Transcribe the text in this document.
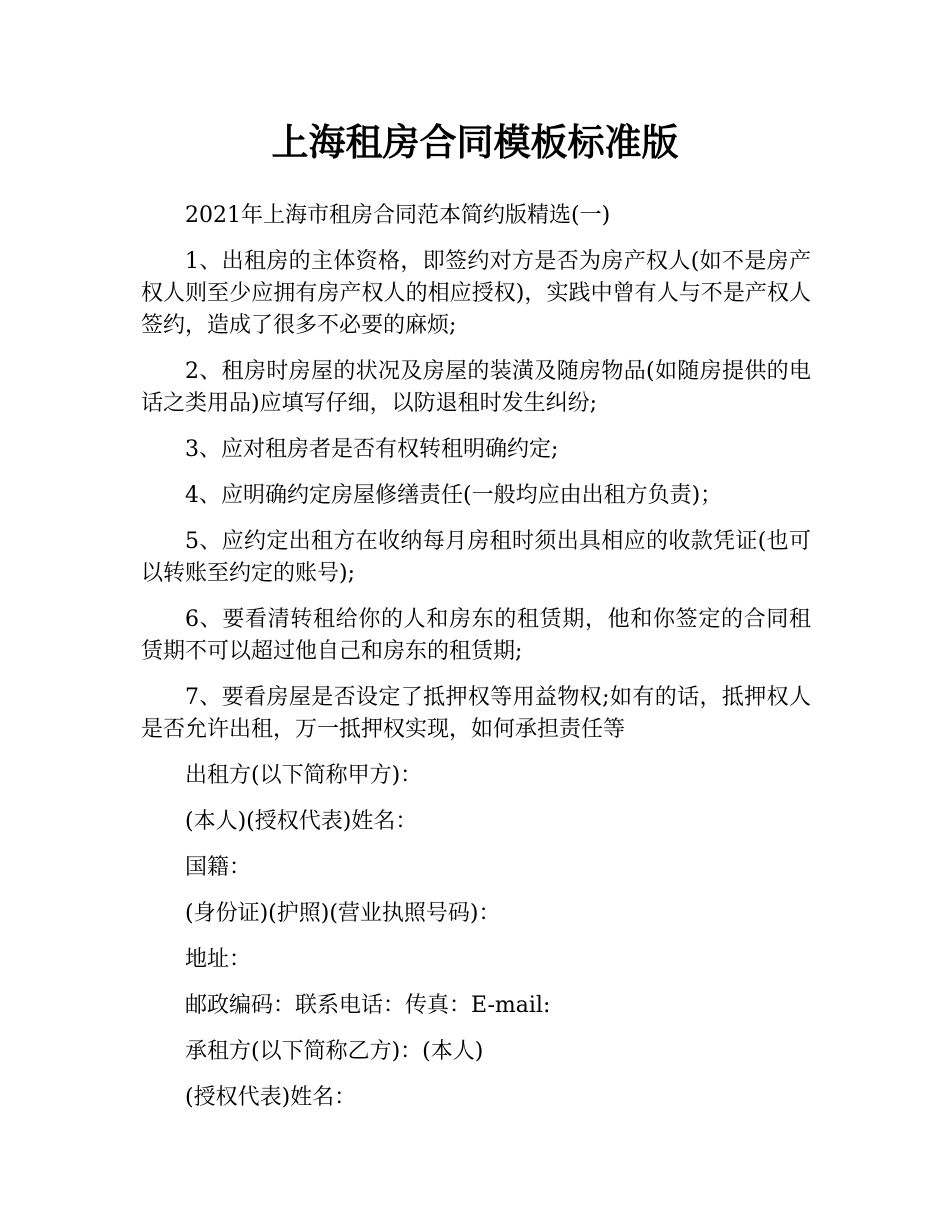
上海租房合同模板标准版

2021年上海市租房合同范本简约版精选(一)

1、出租房的主体资格，即签约对方是否为房产权人(如不是房产权人则至少应拥有房产权人的相应授权)，实践中曾有人与不是产权人签约，造成了很多不必要的麻烦;

2、租房时房屋的状况及房屋的装潢及随房物品(如随房提供的电话之类用品)应填写仔细，以防退租时发生纠纷;

3、应对租房者是否有权转租明确约定;

4、应明确约定房屋修缮责任(一般均应由出租方负责)；

5、应约定出租方在收纳每月房租时须出具相应的收款凭证(也可以转账至约定的账号);

6、要看清转租给你的人和房东的租赁期，他和你签定的合同租赁期不可以超过他自己和房东的租赁期;

7、要看房屋是否设定了抵押权等用益物权;如有的话，抵押权人是否允许出租，万一抵押权实现，如何承担责任等

出租方(以下简称甲方)：

(本人)(授权代表)姓名：

国籍：

(身份证)(护照)(营业执照号码)：

地址：

邮政编码：联系电话：传真：E-mail:

承租方(以下简称乙方)：(本人)

(授权代表)姓名：
